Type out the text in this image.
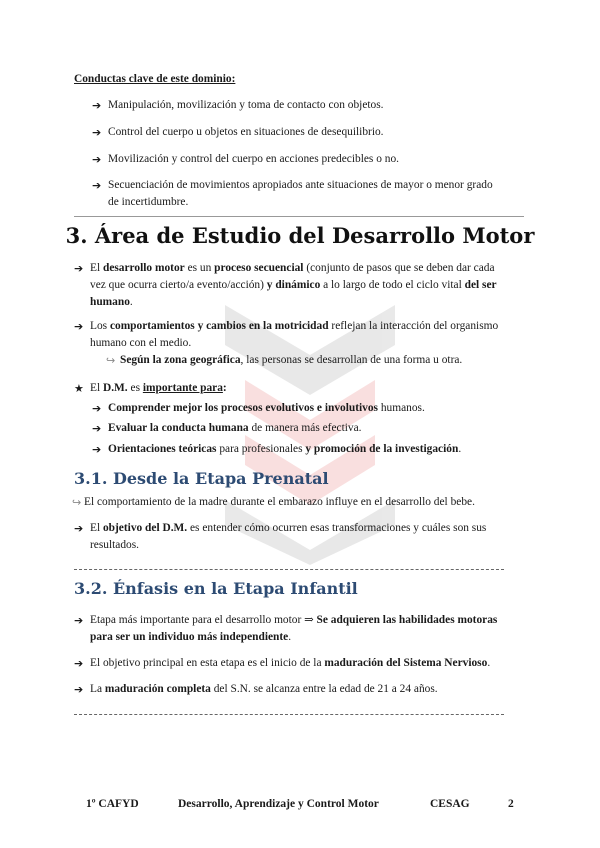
Conductas clave de este dominio:
➔ Manipulación, movilización y toma de contacto con objetos.
➔ Control del cuerpo u objetos en situaciones de desequilibrio.
➔ Movilización y control del cuerpo en acciones predecibles o no.
➔ Secuenciación de movimientos apropiados ante situaciones de mayor o menor grado
de incertidumbre.
3. Área de Estudio del Desarrollo Motor
➔ El desarrollo motor es un proceso secuencial (conjunto de pasos que se deben dar cada
vez que ocurra cierto/a evento/acción) y dinámico a lo largo de todo el ciclo vital del ser
humano.
➔ Los comportamientos y cambios en la motricidad reflejan la interacción del organismo
humano con el medio.
↪ Según la zona geográfica, las personas se desarrollan de una forma u otra.
★ El D.M. es importante para:
➔ Comprender mejor los procesos evolutivos e involutivos humanos.
➔ Evaluar la conducta humana de manera más efectiva.
➔ Orientaciones teóricas para profesionales y promoción de la investigación.
3.1. Desde la Etapa Prenatal
↪ El comportamiento de la madre durante el embarazo influye en el desarrollo del bebe.
➔ El objetivo del D.M. es entender cómo ocurren esas transformaciones y cuáles son sus
resultados.
3.2. Énfasis en la Etapa Infantil
➔ Etapa más importante para el desarrollo motor ⇒ Se adquieren las habilidades motoras
para ser un individuo más independiente.
➔ El objetivo principal en esta etapa es el inicio de la maduración del Sistema Nervioso.
➔ La maduración completa del S.N. se alcanza entre la edad de 21 a 24 años.
1º CAFYD	Desarrollo, Aprendizaje y Control Motor	CESAG	2
